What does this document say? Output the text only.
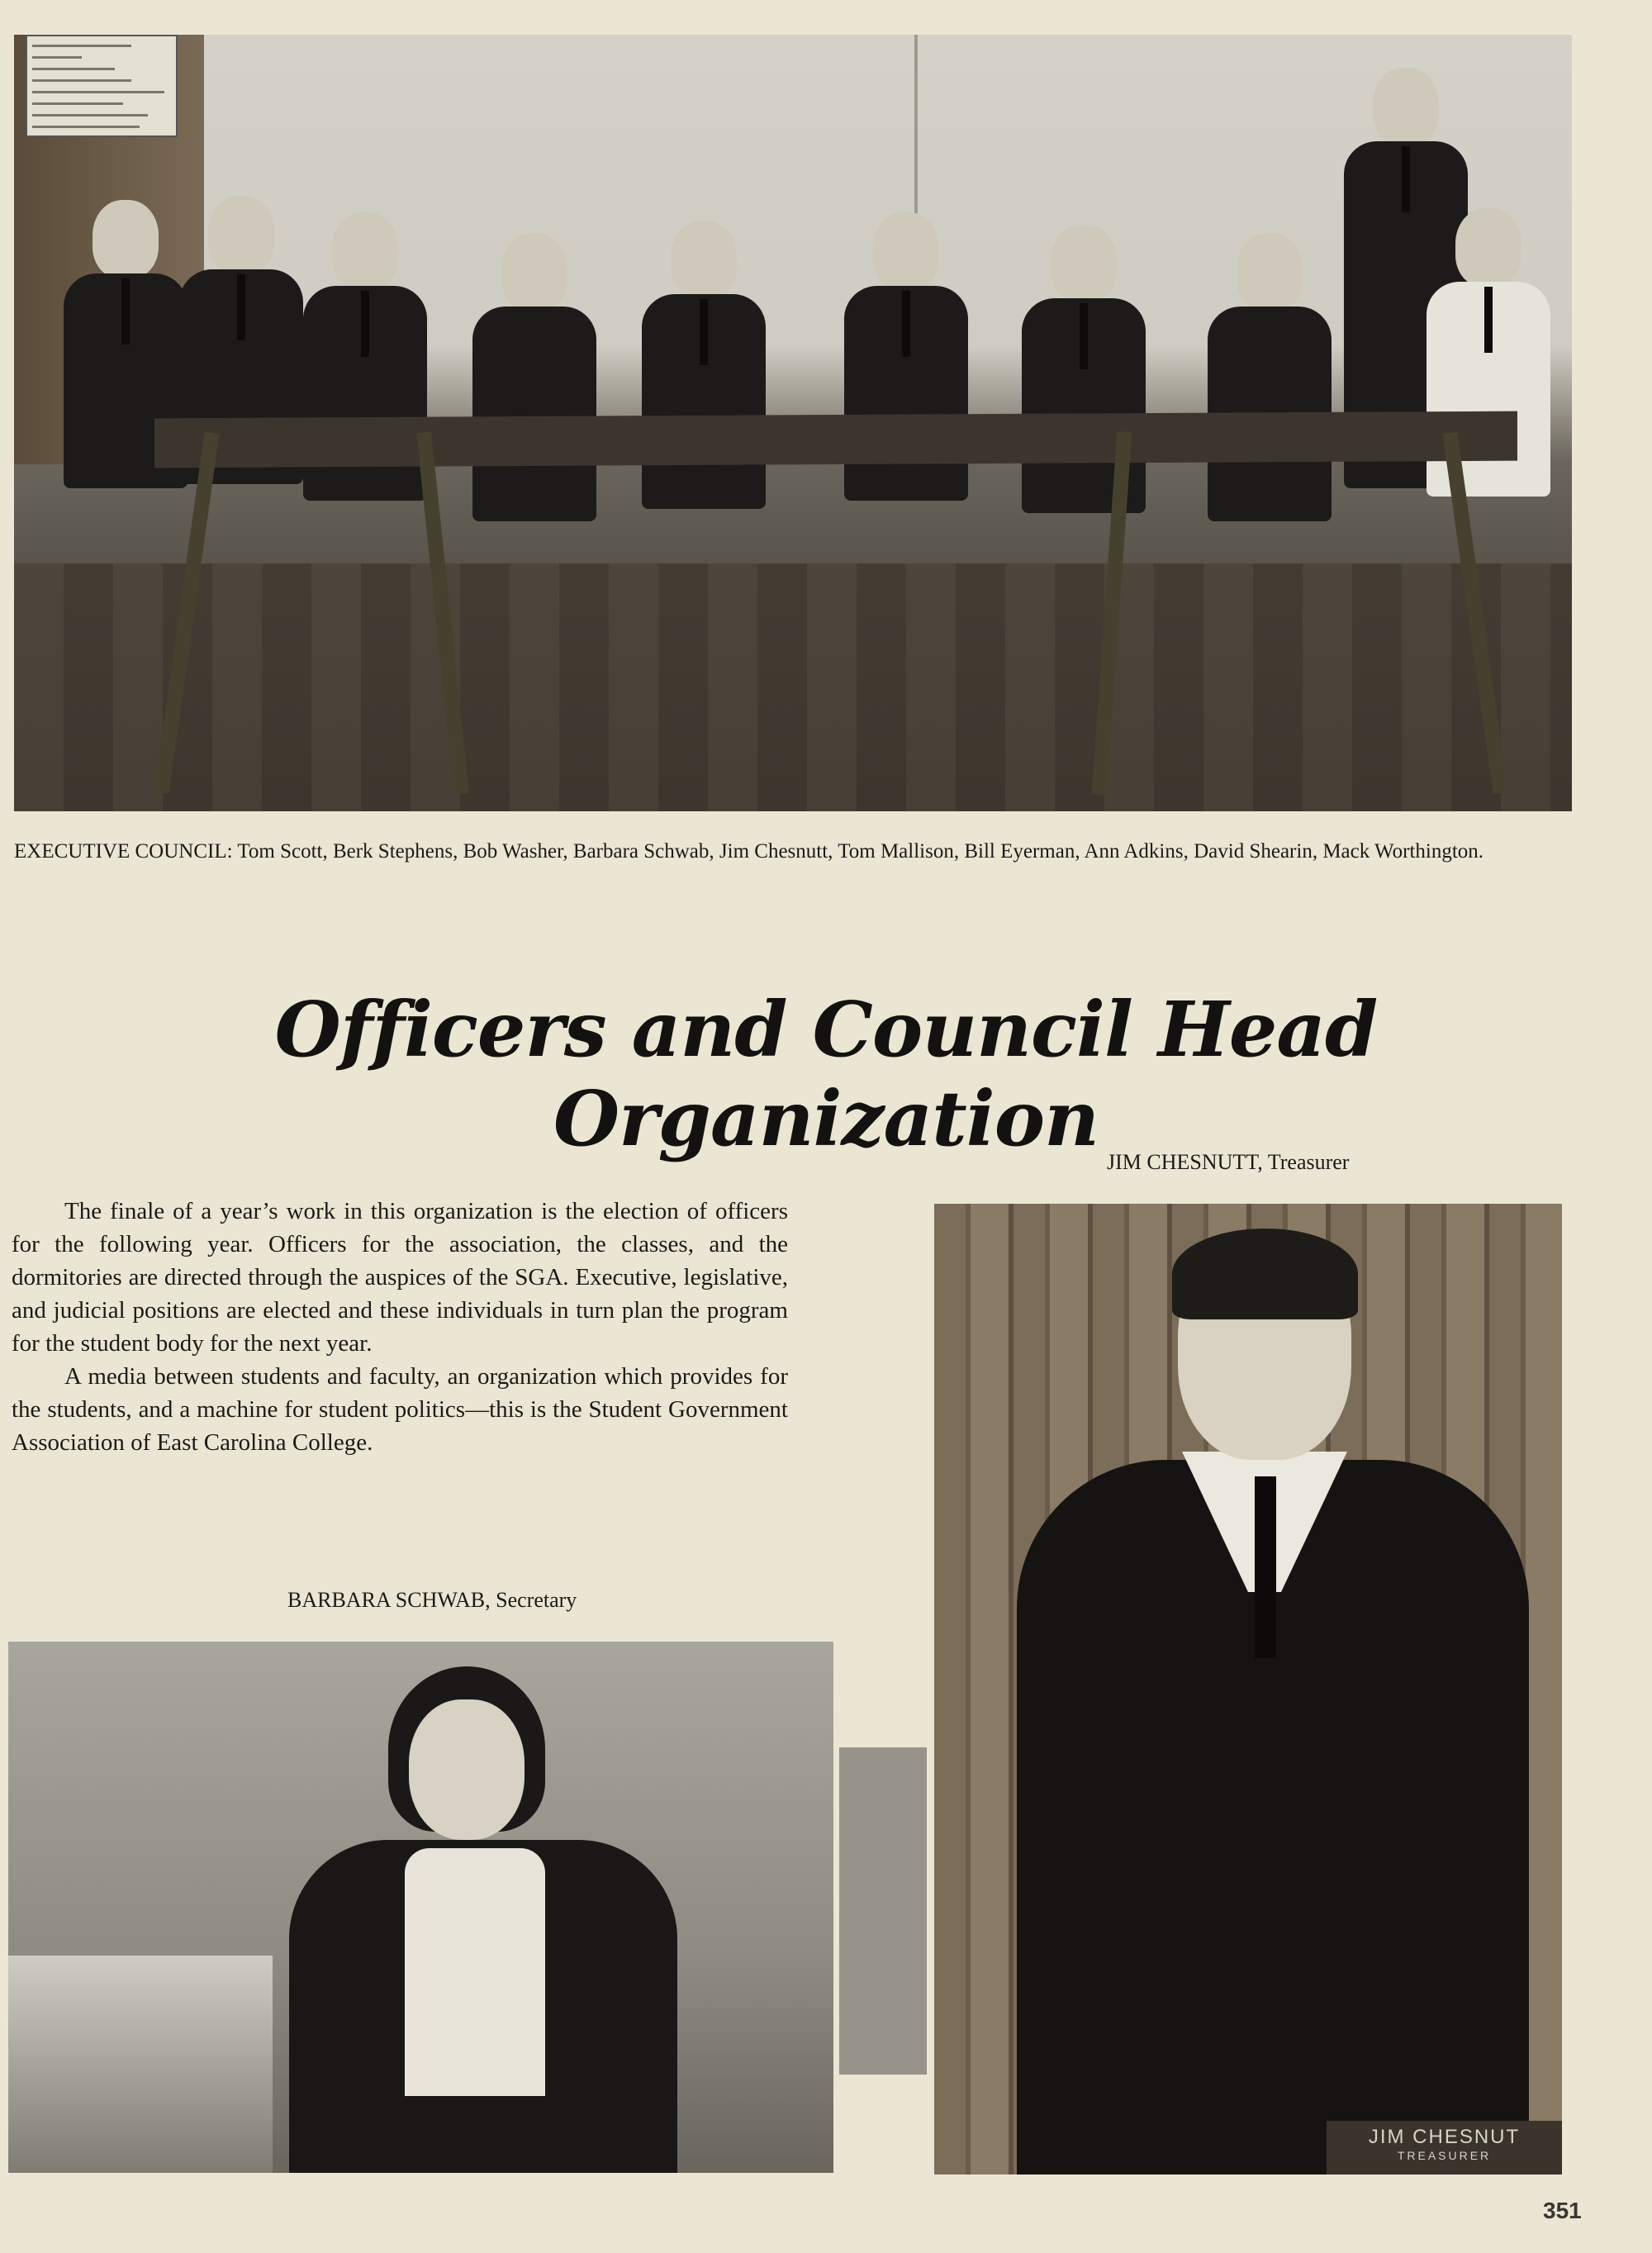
EXECUTIVE COUNCIL: Tom Scott, Berk Stephens, Bob Washer, Barbara Schwab, Jim Chesnutt, Tom Mallison, Bill Eyerman, Ann Adkins, David Shearin, Mack Worthington.
Officers and Council Head Organization JIM CHESNUTT, Treasurer

The finale of a year’s work in this organization is the election of officers for the following year. Officers for the association, the classes, and the dormitories are directed through the auspices of the SGA. Executive, legislative, and judicial positions are elected and these individuals in turn plan the program for the student body for the next year.

A media between students and faculty, an organization which provides for the students, and a machine for student politics—this is the Student Government Association of East Carolina College.

BARBARA SCHWAB, Secretary
JIM CHESNUT
TREASURER
351
